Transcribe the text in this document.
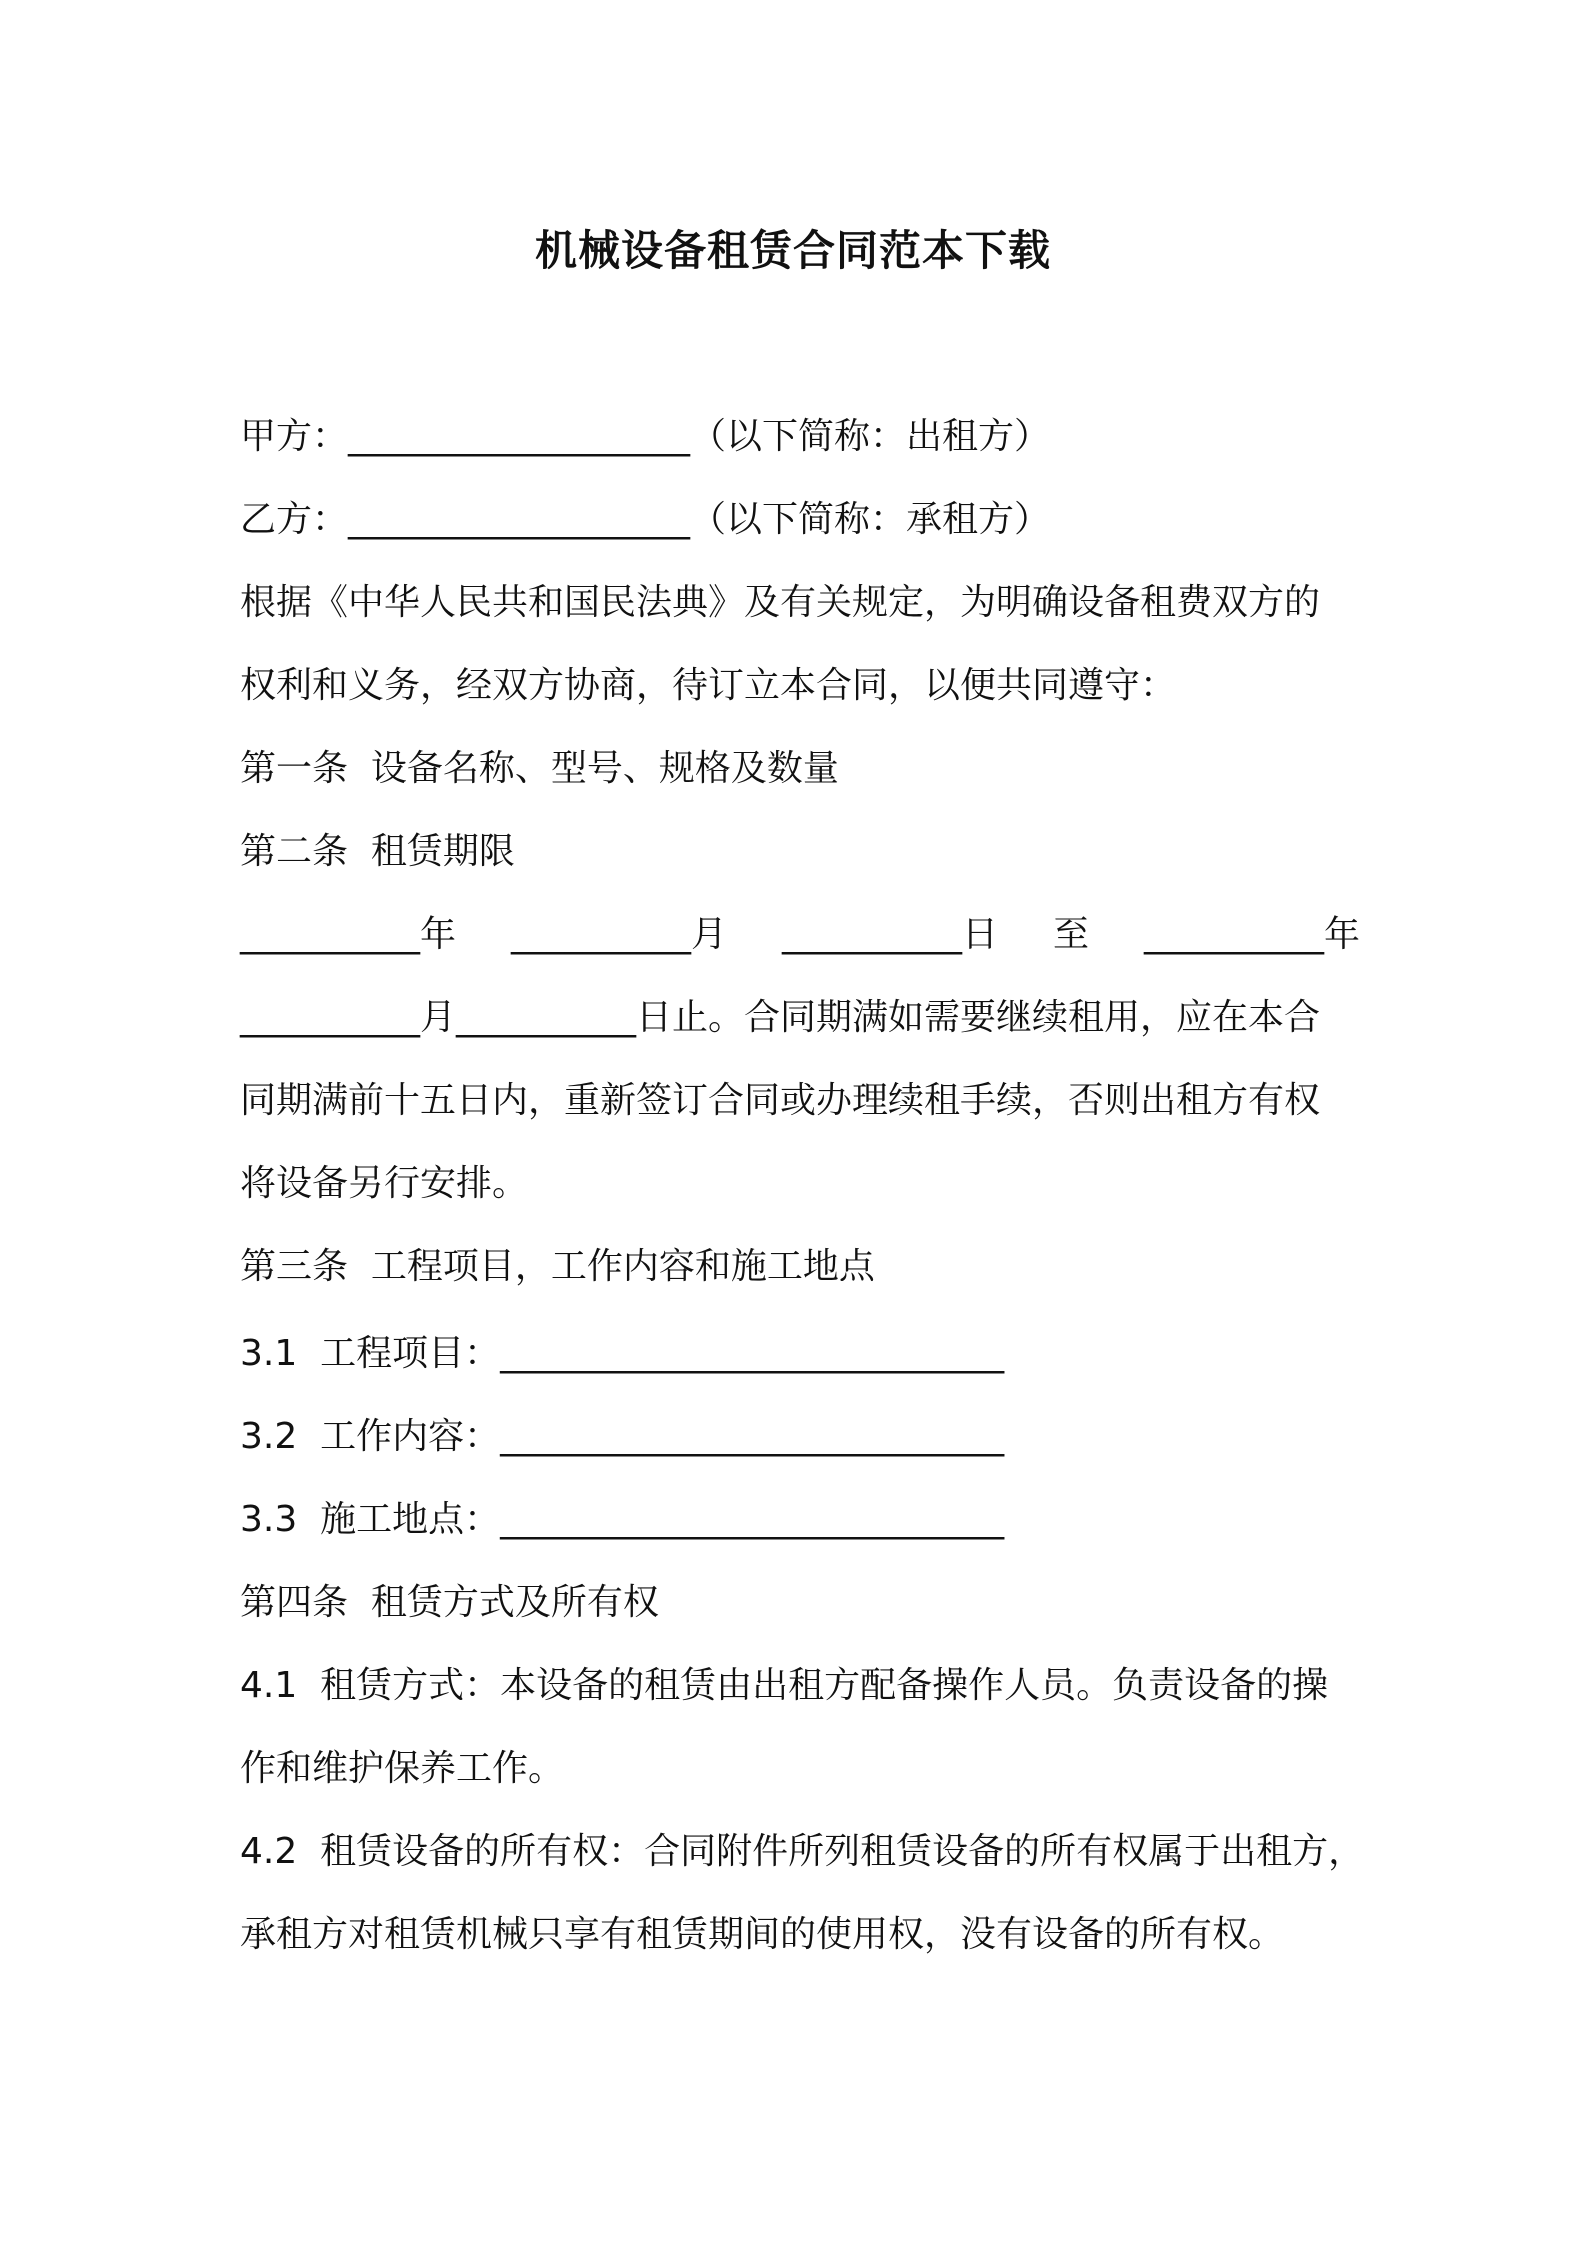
机械设备租赁合同范本下载

甲方：___________________（以下简称：出租方）

乙方：___________________（以下简称：承租方）

根据《中华人民共和国民法典》及有关规定，为明确设备租费双方的

权利和义务，经双方协商，待订立本合同，以便共同遵守：

第一条  设备名称、型号、规格及数量

第二条  租赁期限

__________年 __________月 __________日 至 __________年

__________月__________日止。合同期满如需要继续租用，应在本合

同期满前十五日内，重新签订合同或办理续租手续，否则出租方有权

将设备另行安排。

第三条  工程项目，工作内容和施工地点

3.1  工程项目：____________________________

3.2  工作内容：____________________________

3.3  施工地点：____________________________

第四条  租赁方式及所有权

4.1  租赁方式：本设备的租赁由出租方配备操作人员。负责设备的操

作和维护保养工作。

4.2  租赁设备的所有权：合同附件所列租赁设备的所有权属于出租方，

承租方对租赁机械只享有租赁期间的使用权，没有设备的所有权。
